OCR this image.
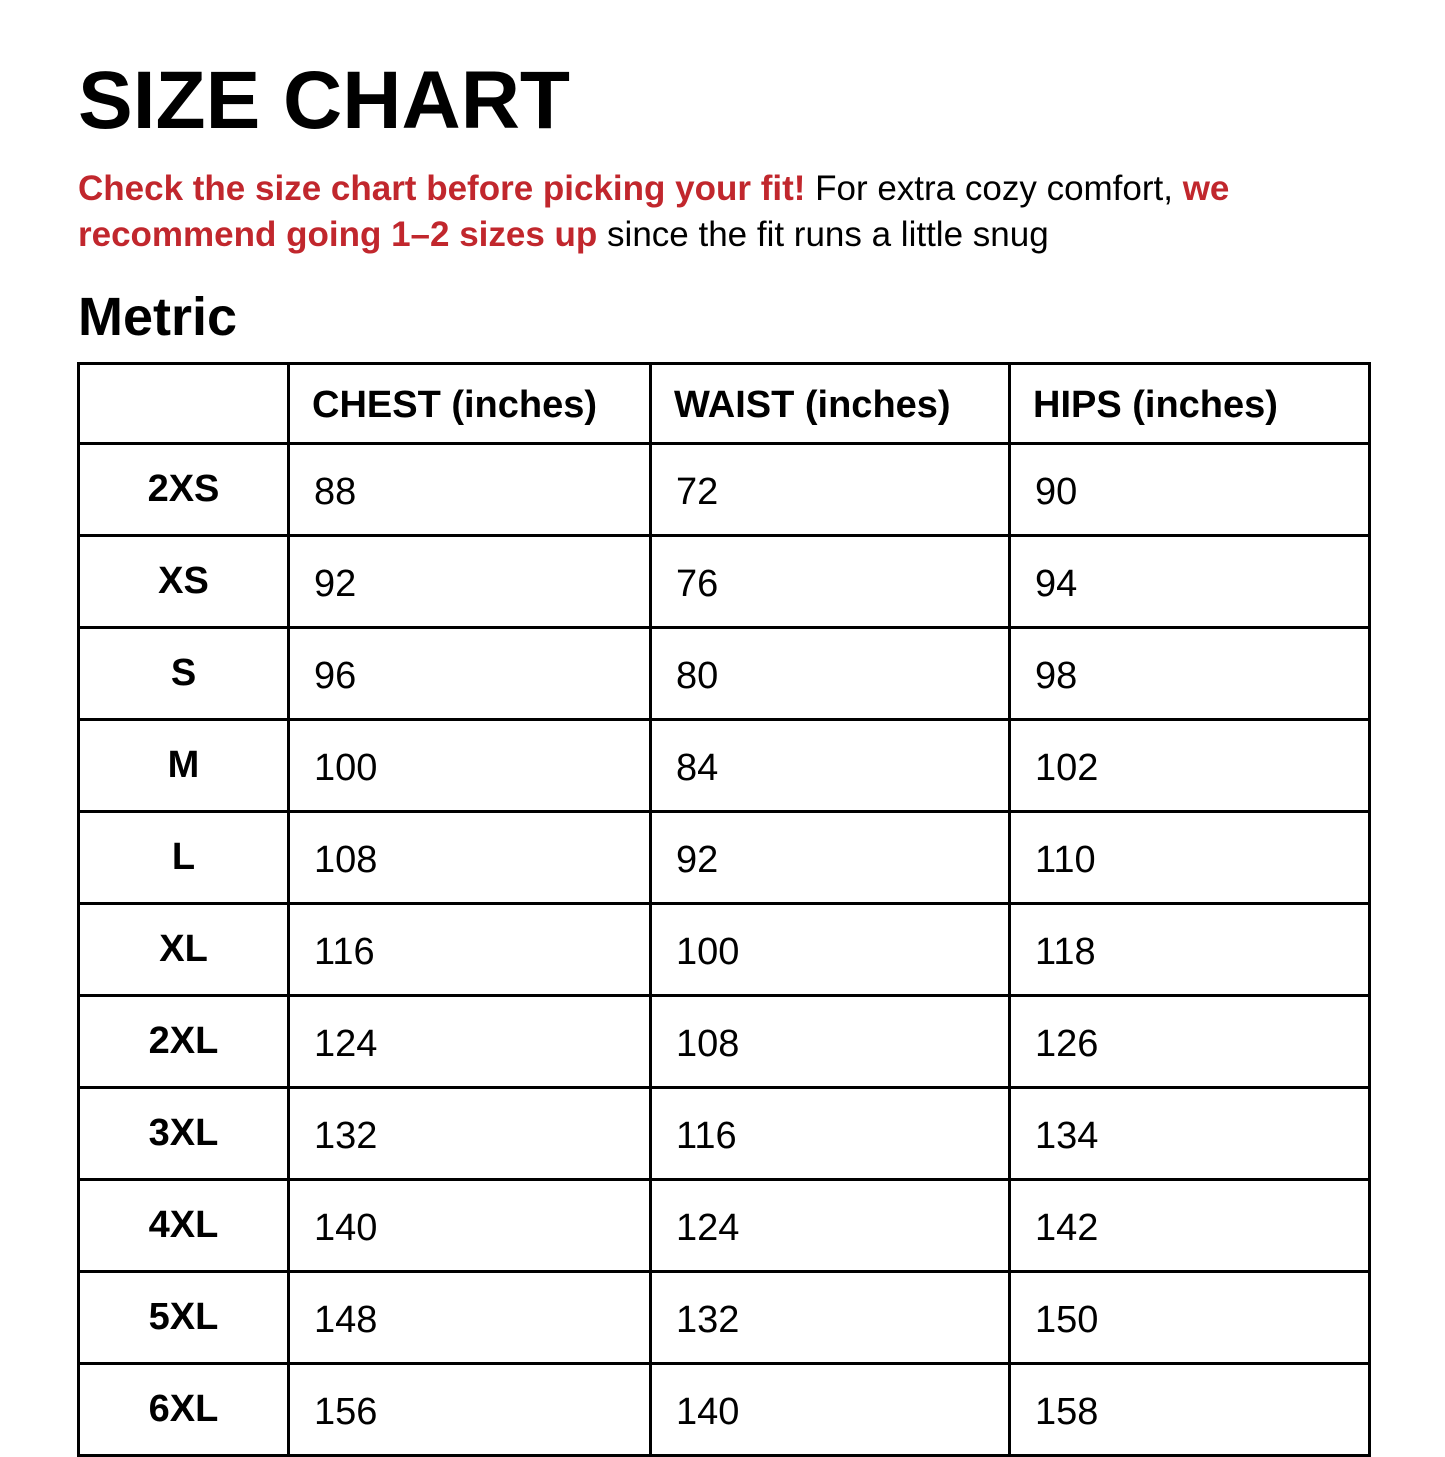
SIZE CHART

Check the size chart before picking your fit! For extra cozy comfort, we recommend going 1–2 sizes up since the fit runs a little snug

Metric
	CHEST (inches)	WAIST (inches)	HIPS (inches)
2XS	88	72	90
XS	92	76	94
S	96	80	98
M	100	84	102
L	108	92	110
XL	116	100	118
2XL	124	108	126
3XL	132	116	134
4XL	140	124	142
5XL	148	132	150
6XL	156	140	158
